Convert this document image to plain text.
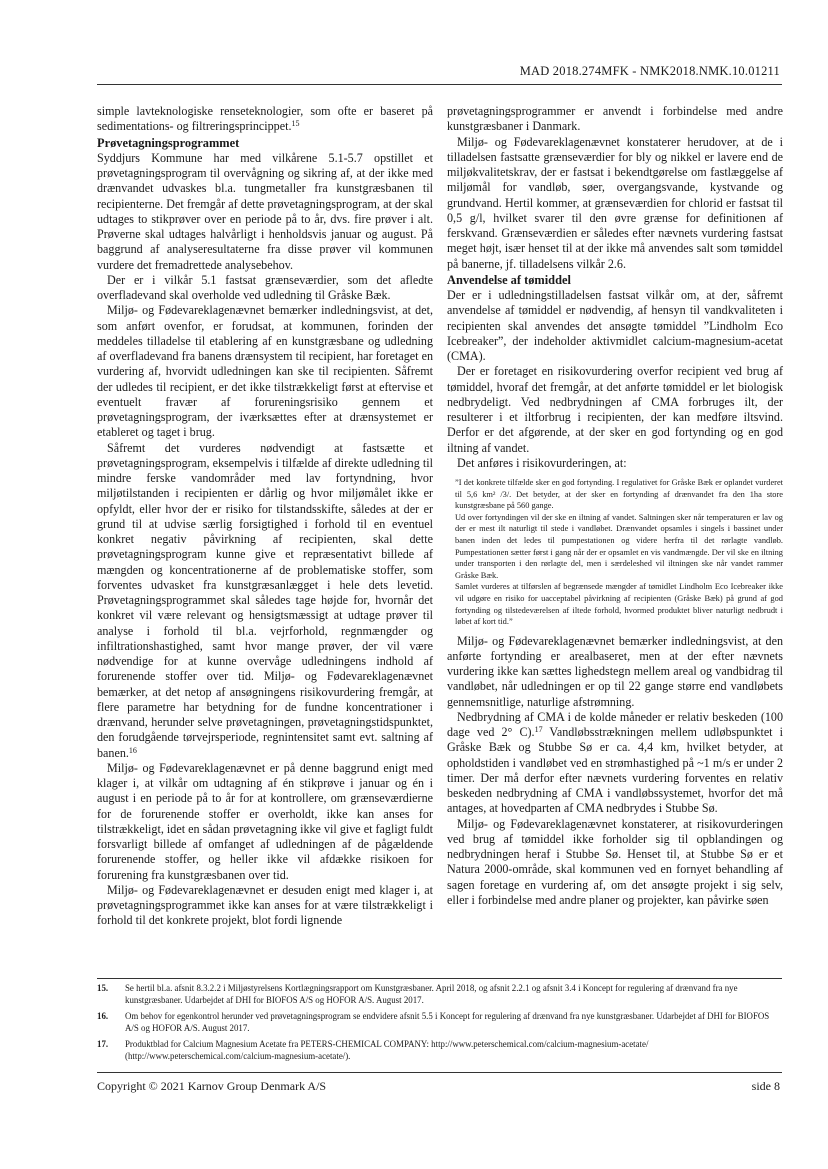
MAD 2018.274MFK - NMK2018.NMK.10.01211

simple lavteknologiske renseteknologier, som ofte er baseret på sedimentations- og filtreringsprincippet.$^{15}$

Prøvetagningsprogrammet

Syddjurs Kommune har med vilkårene 5.1-5.7 opstillet et prøvetagningsprogram til overvågning og sikring af, at der ikke med drænvandet udvaskes bl.a. tungmetaller fra kunstgræsbanen til recipienterne. Det fremgår af dette prøvetagningsprogram, at der skal udtages to stikprøver over en periode på to år, dvs. fire prøver i alt. Prøverne skal udtages halvårligt i henholdsvis januar og august. På baggrund af analyseresultaterne fra disse prøver vil kommunen vurdere det fremadrettede analysebehov.

Der er i vilkår 5.1 fastsat grænseværdier, som det afledte overfladevand skal overholde ved udledning til Gråske Bæk.

Miljø- og Fødevareklagenævnet bemærker indledningsvist, at det, som anført ovenfor, er forudsat, at kommunen, forinden der meddeles tilladelse til etablering af en kunstgræsbane og udledning af overfladevand fra banens drænsystem til recipient, har foretaget en vurdering af, hvorvidt udledningen kan ske til recipienten. Såfremt der udledes til recipient, er det ikke tilstrækkeligt først at eftervise et eventuelt fravær af forureningsrisiko gennem et prøvetagningsprogram, der iværksættes efter at drænsystemet er etableret og taget i brug.

Såfremt det vurderes nødvendigt at fastsætte et prøvetagningsprogram, eksempelvis i tilfælde af direkte udledning til mindre ferske vandområder med lav fortyndning, hvor miljøtilstanden i recipienten er dårlig og hvor miljømålet ikke er opfyldt, eller hvor der er risiko for tilstandsskifte, således at der er grund til at udvise særlig forsigtighed i forhold til en eventuel konkret negativ påvirkning af recipienten, skal dette prøvetagningsprogram kunne give et repræsentativt billede af mængden og koncentrationerne af de problematiske stoffer, som forventes udvasket fra kunstgræsanlægget i hele dets levetid. Prøvetagningsprogrammet skal således tage højde for, hvornår det konkret vil være relevant og hensigtsmæssigt at udtage prøver til analyse i forhold til bl.a. vejrforhold, regnmængder og infiltrationshastighed, samt hvor mange prøver, der vil være nødvendige for at kunne overvåge udledningens indhold af forurenende stoffer over tid. Miljø- og Fødevareklagenævnet bemærker, at det netop af ansøgningens risikovurdering fremgår, at flere parametre har betydning for de fundne koncentrationer i drænvand, herunder selve prøvetagningen, prøvetagningstidspunktet, den forudgående tørvejrsperiode, regnintensitet samt evt. saltning af banen.$^{16}$

Miljø- og Fødevareklagenævnet er på denne baggrund enigt med klager i, at vilkår om udtagning af én stikprøve i januar og én i august i en periode på to år for at kontrollere, om grænseværdierne for de forurenende stoffer er overholdt, ikke kan anses for tilstrækkeligt, idet en sådan prøvetagning ikke vil give et fagligt fuldt forsvarligt billede af omfanget af udledningen af de pågældende forurenende stoffer, og heller ikke vil afdække risikoen for forurening fra kunstgræsbanen over tid.

Miljø- og Fødevareklagenævnet er desuden enigt med klager i, at prøvetagningsprogrammet ikke kan anses for at være tilstrækkeligt i forhold til det konkrete projekt, blot fordi lignende

prøvetagningsprogrammer er anvendt i forbindelse med andre kunstgræsbaner i Danmark.

Miljø- og Fødevareklagenævnet konstaterer herudover, at de i tilladelsen fastsatte grænseværdier for bly og nikkel er lavere end de miljøkvalitetskrav, der er fastsat i bekendtgørelse om fastlæggelse af miljømål for vandløb, søer, overgangsvande, kystvande og grundvand. Hertil kommer, at grænseværdien for chlorid er fastsat til 0,5 g/l, hvilket svarer til den øvre grænse for definitionen af ferskvand. Grænseværdien er således efter nævnets vurdering fastsat meget højt, især henset til at der ikke må anvendes salt som tømiddel på banerne, jf. tilladelsens vilkår 2.6.

Anvendelse af tømiddel

Der er i udledningstilladelsen fastsat vilkår om, at der, såfremt anvendelse af tømiddel er nødvendig, af hensyn til vandkvaliteten i recipienten skal anvendes det ansøgte tømiddel ”Lindholm Eco Icebreaker”, der indeholder aktivmidlet calcium-magnesium-acetat (CMA).

Der er foretaget en risikovurdering overfor recipient ved brug af tømiddel, hvoraf det fremgår, at det anførte tømiddel er let biologisk nedbrydeligt. Ved nedbrydningen af CMA forbruges ilt, der resulterer i et iltforbrug i recipienten, der kan medføre iltsvind. Derfor er det afgørende, at der sker en god fortynding og en god iltning af vandet.

Det anføres i risikovurderingen, at:

”I det konkrete tilfælde sker en god fortynding. I regulativet for Gråske Bæk er oplandet vurderet til 5,6 km² /3/. Det betyder, at der sker en fortynding af drænvandet fra den 1ha store kunstgræsbane på 560 gange.
Ud over fortyndingen vil der ske en iltning af vandet. Saltningen sker når temperaturen er lav og der er mest ilt naturligt til stede i vandløbet. Drænvandet opsamles i singels i bassinet under banen inden det ledes til pumpestationen og videre herfra til det rørlagte vandløb. Pumpestationen sætter først i gang når der er opsamlet en vis vandmængde. Der vil ske en iltning under transporten i den rørlagte del, men i særdeleshed vil iltningen ske når vandet rammer Gråske Bæk.
Samlet vurderes at tilførslen af begrænsede mængder af tømidlet Lindholm Eco Icebreaker ikke vil udgøre en risiko for uacceptabel påvirkning af recipienten (Gråske Bæk) på grund af god fortynding og tilstedeværelsen af iltede forhold, hvormed produktet bliver naturligt nedbrudt i løbet af kort tid.”

Miljø- og Fødevareklagenævnet bemærker indledningsvist, at den anførte fortynding er arealbaseret, men at der efter nævnets vurdering ikke kan sættes lighedstegn mellem areal og vandbidrag til vandløbet, når udledningen er op til 22 gange større end vandløbets gennemsnitlige, naturlige afstrømning.

Nedbrydning af CMA i de kolde måneder er relativ beskeden (100 dage ved 2° C).$^{17}$ Vandløbsstrækningen mellem udløbspunktet i Gråske Bæk og Stubbe Sø er ca. 4,4 km, hvilket betyder, at opholdstiden i vandløbet ved en strømhastighed på ~1 m/s er under 2 timer. Der må derfor efter nævnets vurdering forventes en relativ beskeden nedbrydning af CMA i vandløbssystemet, hvorfor det må antages, at hovedparten af CMA nedbrydes i Stubbe Sø.

Miljø- og Fødevareklagenævnet konstaterer, at risikovurderingen ved brug af tømiddel ikke forholder sig til opblandingen og nedbrydningen heraf i Stubbe Sø. Henset til, at Stubbe Sø er et Natura 2000-område, skal kommunen ved en fornyet behandling af sagen foretage en vurdering af, om det ansøgte projekt i sig selv, eller i forbindelse med andre planer og projekter, kan påvirke søen

15.	Se hertil bl.a. afsnit 8.3.2.2 i Miljøstyrelsens Kortlægningsrapport om Kunstgræsbaner. April 2018, og afsnit 2.2.1 og afsnit 3.4 i Koncept for regulering af drænvand fra nye kunstgræsbaner. Udarbejdet af DHI for BIOFOS A/S og HOFOR A/S. August 2017.
16.	Om behov for egenkontrol herunder ved prøvetagningsprogram se endvidere afsnit 5.5 i Koncept for regulering af drænvand fra nye kunstgræsbaner. Udarbejdet af DHI for BIOFOS A/S og HOFOR A/S. August 2017.
17.	Produktblad for Calcium Magnesium Acetate fra PETERS-CHEMICAL COMPANY: http://www.peterschemical.com/calcium-magnesium-acetate/ (http://www.peterschemical.com/calcium-magnesium-acetate/).
Copyright © 2021 Karnov Group Denmark A/S	side 8
